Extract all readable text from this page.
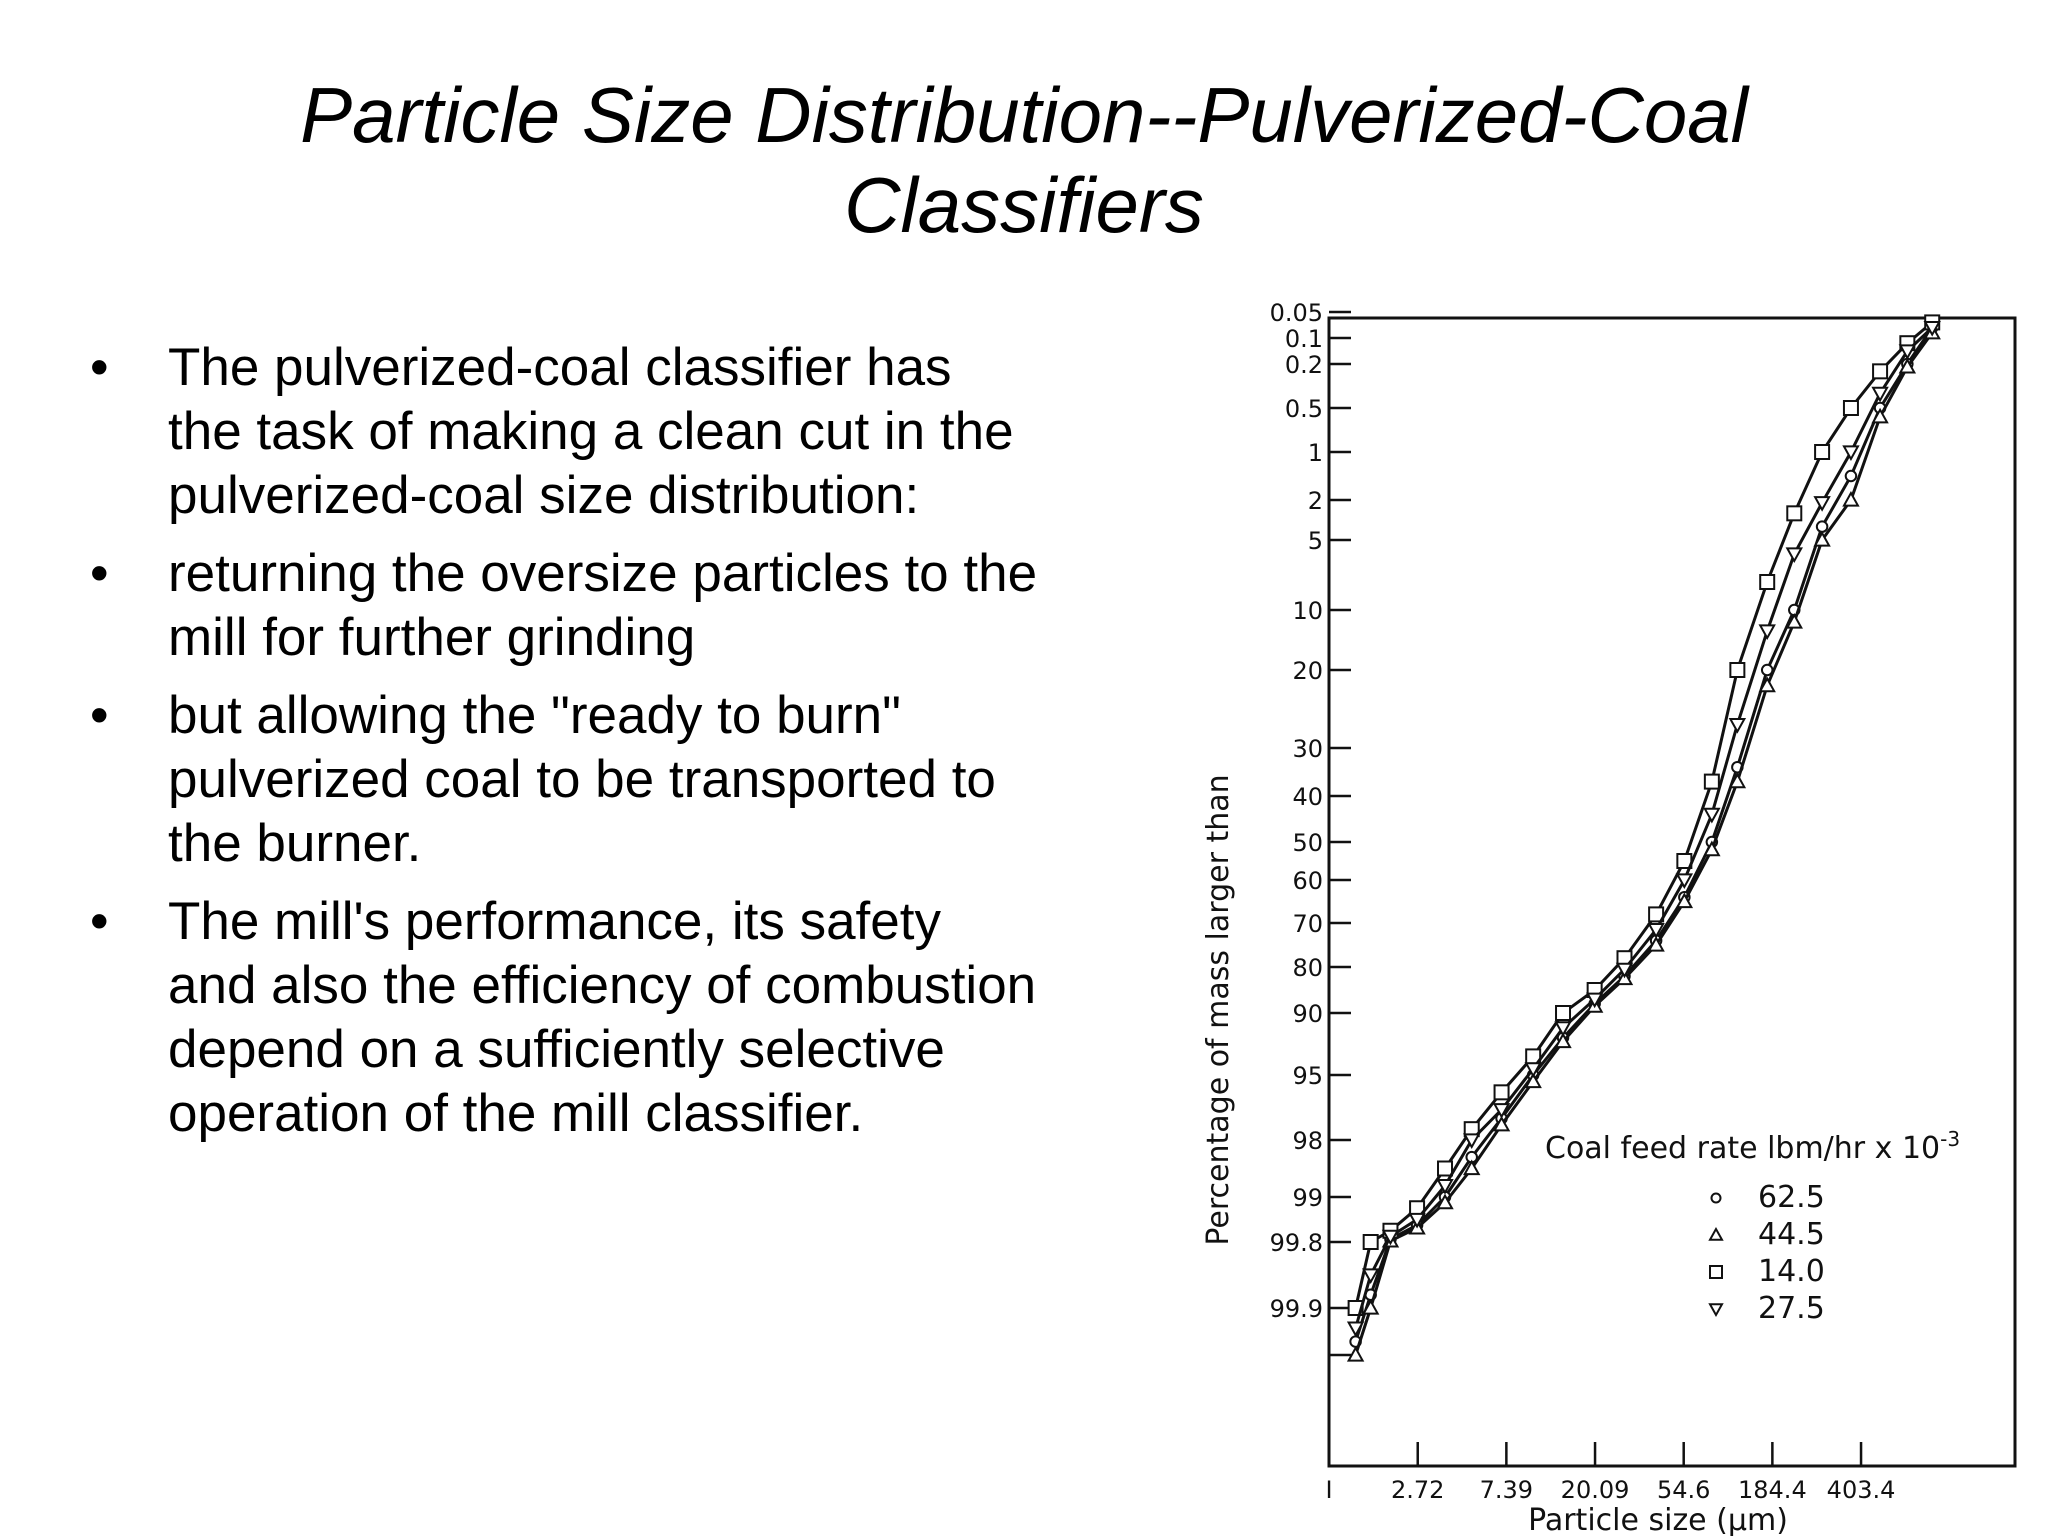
Particle Size Distribution--Pulverized-Coal
Classifiers
• The pulverized-coal classifier has the task of making a clean cut in the pulverized-coal size distribution:
• returning the oversize particles to the mill for further grinding
• but allowing the "ready to burn" pulverized coal to be transported to the burner.
• The mill's performance, its safety and also the efficiency of combustion depend on a sufficiently selective operation of the mill classifier.
0.05
0.1
0.2
0.5
1
2
5
10
20
30
40
50
60
70
80
90
95
98
99
99.8
99.9
I 2.72 7.39 20.09 54.6 184.4 403.4
Coal feed rate lbm/hr x $10^{-3}$
62.5
44.5
14.0
27.5
Percentage of mass larger than
Particle size (μm)
